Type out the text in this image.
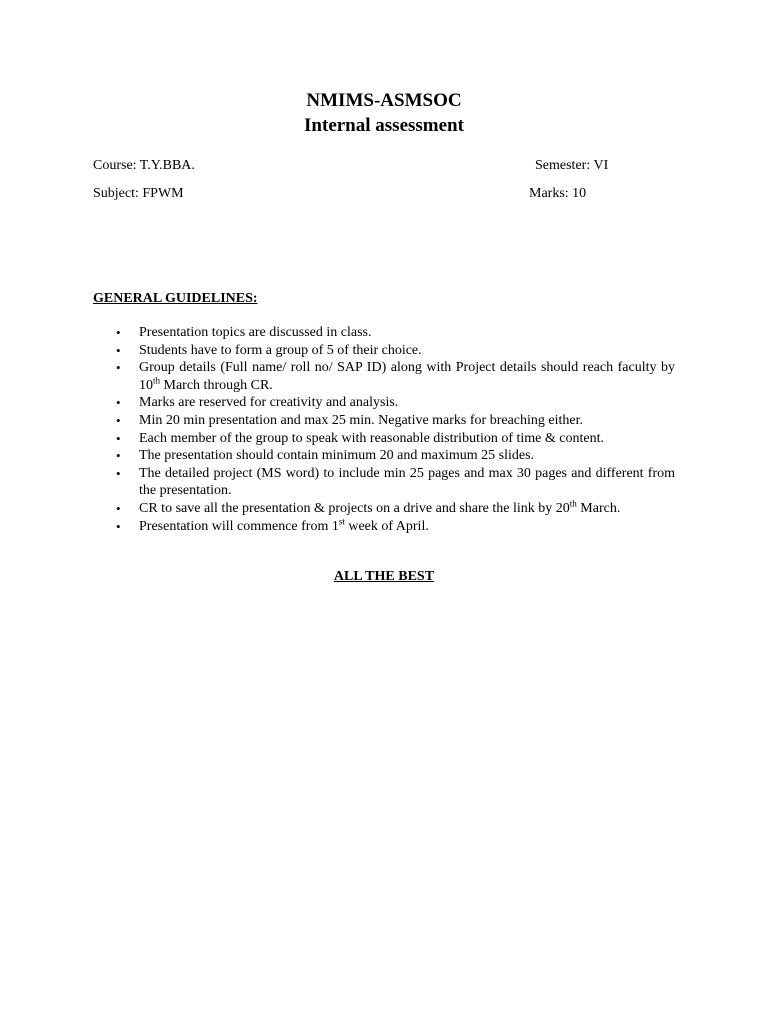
NMIMS-ASMSOC
Internal assessment
Course: T.Y.BBA.	Semester: VI
Subject: FPWM	Marks: 10
GENERAL GUIDELINES:
• Presentation topics are discussed in class.
• Students have to form a group of 5 of their choice.
• Group details (Full name/ roll no/ SAP ID) along with Project details should reach faculty by 10th March through CR.
• Marks are reserved for creativity and analysis.
• Min 20 min presentation and max 25 min. Negative marks for breaching either.
• Each member of the group to speak with reasonable distribution of time & content.
• The presentation should contain minimum 20 and maximum 25 slides.
• The detailed project (MS word) to include min 25 pages and max 30 pages and different from the presentation.
• CR to save all the presentation & projects on a drive and share the link by 20th March.
• Presentation will commence from 1st week of April.
ALL THE BEST
